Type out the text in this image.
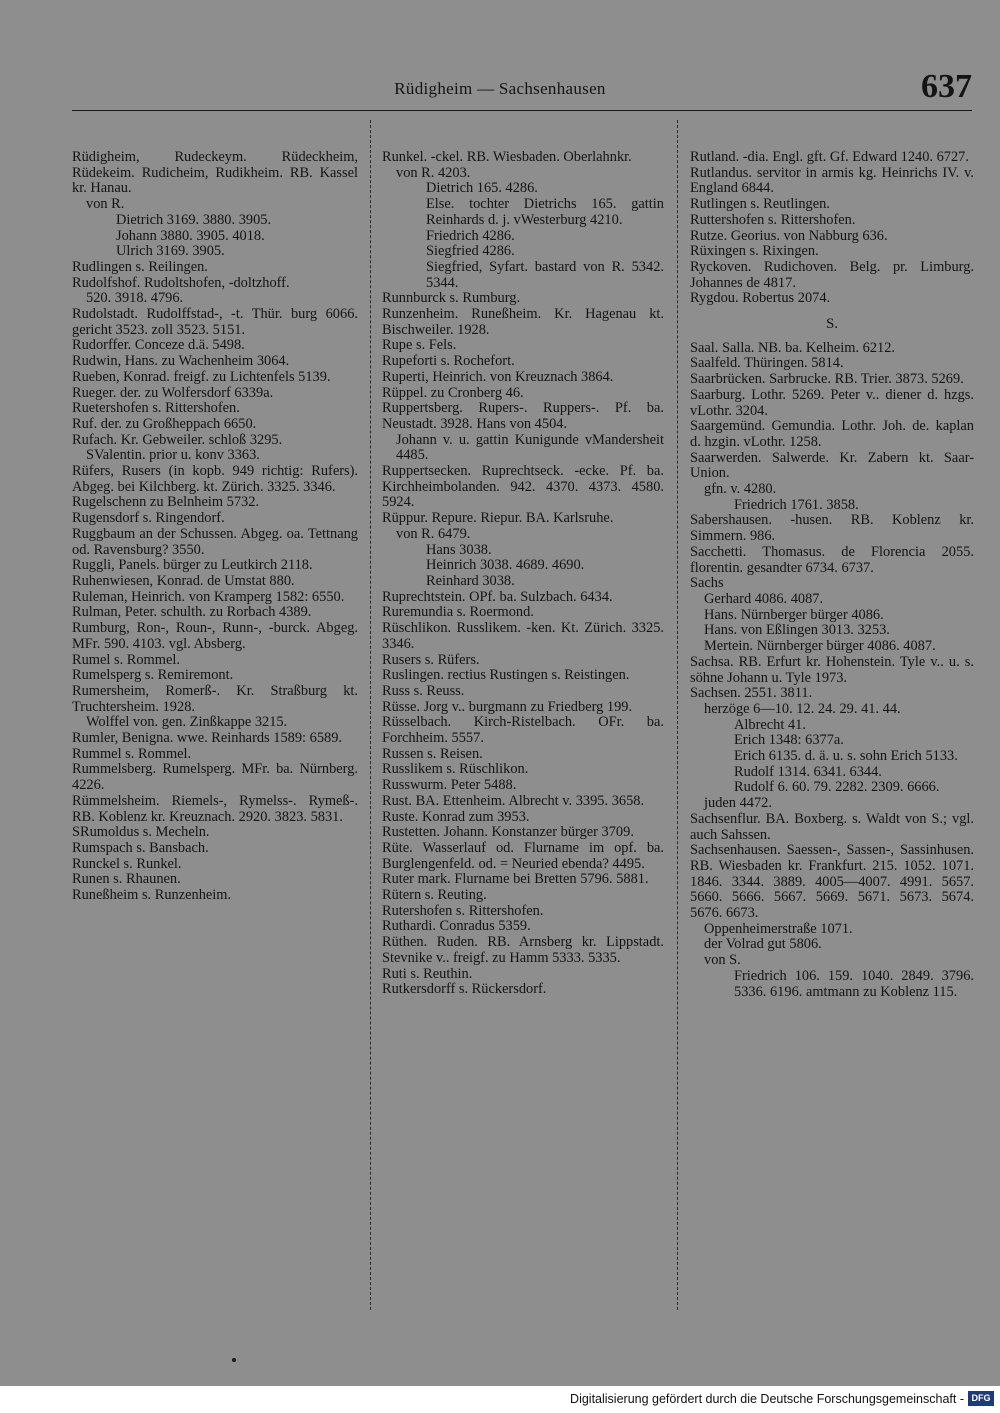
Rüdigheim — Sachsenhausen	637

Rüdigheim, Rudeckeym. Rüdeckheim, Rüdekeim. Rudicheim, Rudikheim. RB. Kassel kr. Hanau.

von R.

Dietrich 3169. 3880. 3905.

Johann 3880. 3905. 4018.

Ulrich 3169. 3905.

Rudlingen s. Reilingen.

Rudolfshof. Rudoltshofen, -doltzhoff.

520. 3918. 4796.

Rudolstadt. Rudolffstad-, -t. Thür. burg 6066. gericht 3523. zoll 3523. 5151.

Rudorffer. Conceze d.ä. 5498.

Rudwin, Hans. zu Wachenheim 3064.

Rueben, Konrad. freigf. zu Lichtenfels 5139.

Rueger. der. zu Wolfersdorf 6339a.

Ruetershofen s. Rittershofen.

Ruf. der. zu Großheppach 6650.

Rufach. Kr. Gebweiler. schloß 3295.

SValentin. prior u. konv 3363.

Rüfers, Rusers (in kopb. 949 richtig: Rufers). Abgeg. bei Kilchberg. kt. Zürich. 3325. 3346.

Rugelschenn zu Belnheim 5732.

Rugensdorf s. Ringendorf.

Ruggbaum an der Schussen. Abgeg. oa. Tettnang od. Ravensburg? 3550.

Ruggli, Panels. bürger zu Leutkirch 2118.

Ruhenwiesen, Konrad. de Umstat 880.

Ruleman, Heinrich. von Kramperg 1582: 6550.

Rulman, Peter. schulth. zu Rorbach 4389.

Rumburg, Ron-, Roun-, Runn-, -burck. Abgeg. MFr. 590. 4103. vgl. Absberg.

Rumel s. Rommel.

Rumelsperg s. Remiremont.

Rumersheim, Romerß-. Kr. Straßburg kt. Truchtersheim. 1928.

Wolffel von. gen. Zinßkappe 3215.

Rumler, Benigna. wwe. Reinhards 1589: 6589.

Rummel s. Rommel.

Rummelsberg. Rumelsperg. MFr. ba. Nürnberg. 4226.

Rümmelsheim. Riemels-, Rymelss-. Rymeß-. RB. Koblenz kr. Kreuznach. 2920. 3823. 5831.

SRumoldus s. Mecheln.

Rumspach s. Bansbach.

Runckel s. Runkel.

Runen s. Rhaunen.

Runeßheim s. Runzenheim.

Runkel. -ckel. RB. Wiesbaden. Oberlahnkr.

von R. 4203.

Dietrich 165. 4286.

Else. tochter Dietrichs 165. gattin Reinhards d. j. vWesterburg 4210.

Friedrich 4286.

Siegfried 4286.

Siegfried, Syfart. bastard von R. 5342. 5344.

Runnburck s. Rumburg.

Runzenheim. Runeßheim. Kr. Hagenau kt. Bischweiler. 1928.

Rupe s. Fels.

Rupeforti s. Rochefort.

Ruperti, Heinrich. von Kreuznach 3864.

Rüppel. zu Cronberg 46.

Ruppertsberg. Rupers-. Ruppers-. Pf. ba. Neustadt. 3928. Hans von 4504.

Johann v. u. gattin Kunigunde vMandersheit 4485.

Ruppertsecken. Ruprechtseck. -ecke. Pf. ba. Kirchheimbolanden. 942. 4370. 4373. 4580. 5924.

Rüppur. Repure. Riepur. BA. Karlsruhe.

von R. 6479.

Hans 3038.

Heinrich 3038. 4689. 4690.

Reinhard 3038.

Ruprechtstein. OPf. ba. Sulzbach. 6434.

Ruremundia s. Roermond.

Rüschlikon. Russlikem. -ken. Kt. Zürich. 3325. 3346.

Rusers s. Rüfers.

Ruslingen. rectius Rustingen s. Reistingen.

Russ s. Reuss.

Rüsse. Jorg v.. burgmann zu Friedberg 199.

Rüsselbach. Kirch-Ristelbach. OFr. ba. Forchheim. 5557.

Russen s. Reisen.

Russlikem s. Rüschlikon.

Russwurm. Peter 5488.

Rust. BA. Ettenheim. Albrecht v. 3395. 3658.

Ruste. Konrad zum 3953.

Rustetten. Johann. Konstanzer bürger 3709.

Rüte. Wasserlauf od. Flurname im opf. ba. Burglengenfeld. od. = Neuried ebenda? 4495.

Ruter mark. Flurname bei Bretten 5796. 5881.

Rütern s. Reuting.

Rutershofen s. Rittershofen.

Ruthardi. Conradus 5359.

Rüthen. Ruden. RB. Arnsberg kr. Lippstadt. Stevnike v.. freigf. zu Hamm 5333. 5335.

Ruti s. Reuthin.

Rutkersdorff s. Rückersdorf.

Rutland. -dia. Engl. gft. Gf. Edward 1240. 6727.

Rutlandus. servitor in armis kg. Heinrichs IV. v. England 6844.

Rutlingen s. Reutlingen.

Ruttershofen s. Rittershofen.

Rutze. Georius. von Nabburg 636.

Rüxingen s. Rixingen.

Ryckoven. Rudichoven. Belg. pr. Limburg. Johannes de 4817.

Rygdou. Robertus 2074.

S.

Saal. Salla. NB. ba. Kelheim. 6212.

Saalfeld. Thüringen. 5814.

Saarbrücken. Sarbrucke. RB. Trier. 3873. 5269.

Saarburg. Lothr. 5269. Peter v.. diener d. hzgs. vLothr. 3204.

Saargemünd. Gemundia. Lothr. Joh. de. kaplan d. hzgin. vLothr. 1258.

Saarwerden. Salwerde. Kr. Zabern kt. Saar-Union.

gfn. v. 4280.

Friedrich 1761. 3858.

Sabershausen. -husen. RB. Koblenz kr. Simmern. 986.

Sacchetti. Thomasus. de Florencia 2055. florentin. gesandter 6734. 6737.

Sachs

Gerhard 4086. 4087.

Hans. Nürnberger bürger 4086.

Hans. von Eßlingen 3013. 3253.

Mertein. Nürnberger bürger 4086. 4087.

Sachsa. RB. Erfurt kr. Hohenstein. Tyle v.. u. s. söhne Johann u. Tyle 1973.

Sachsen. 2551. 3811.

herzöge 6—10. 12. 24. 29. 41. 44.

Albrecht 41.

Erich 1348: 6377a.

Erich 6135. d. ä. u. s. sohn Erich 5133.

Rudolf 1314. 6341. 6344.

Rudolf 6. 60. 79. 2282. 2309. 6666.

juden 4472.

Sachsenflur. BA. Boxberg. s. Waldt von S.; vgl. auch Sahssen.

Sachsenhausen. Saessen-, Sassen-, Sassinhusen. RB. Wiesbaden kr. Frankfurt. 215. 1052. 1071. 1846. 3344. 3889. 4005—4007. 4991. 5657. 5660. 5666. 5667. 5669. 5671. 5673. 5674. 5676. 6673.

Oppenheimerstraße 1071.

der Volrad gut 5806.

von S.

Friedrich 106. 159. 1040. 2849. 3796. 5336. 6196. amtmann zu Koblenz 115.

Digitalisierung gefördert durch die Deutsche Forschungsgemeinschaft - DFG
